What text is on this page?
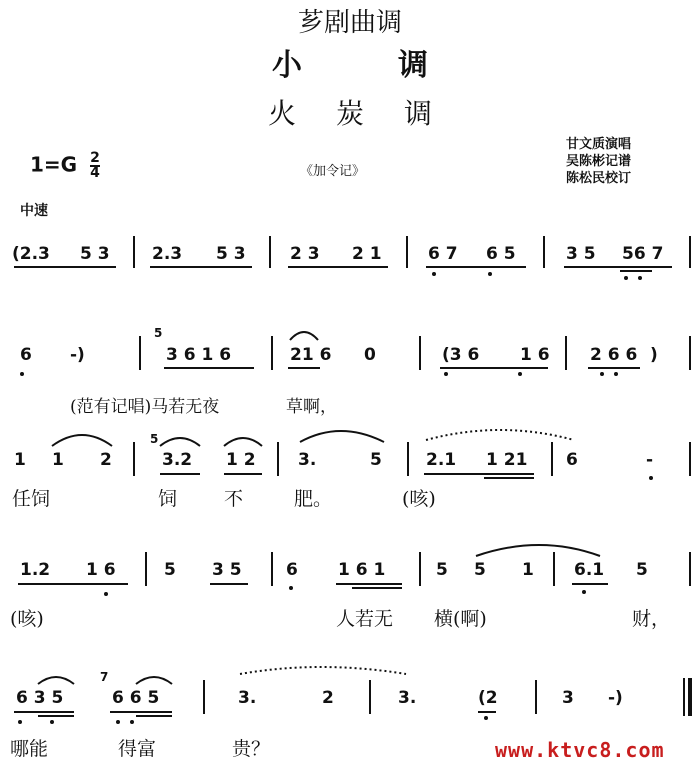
芗剧曲调
小调
火炭调
甘文质演唱
吴陈彬记谱
陈松民校订
$1=G \frac{2}{4}$	《加令记》
中速
(2.3 5 3 2.3 5 3	2 3 2 1	6 7 6 5	3 5 56 7
6 -)
5
3 6 1 6	21 6 0	(3 6 1 6 2 6 6 )
(范有记唱)马若无夜	草啊，
1 1 2
5
3.2 1 2 3.	5	2.1 1 21 6	-
任饲	饲 不	肥。	(咳)
1.2 1 6	5 3 5	6 1 6 1	5 5 1 6.1 5
(咳)	人若无 横(啊)	财，
6 3 5
7
6 6 5	3.	2	3.	(2	3 -)
哪能	得富	贵？	www.ktvc8.com
